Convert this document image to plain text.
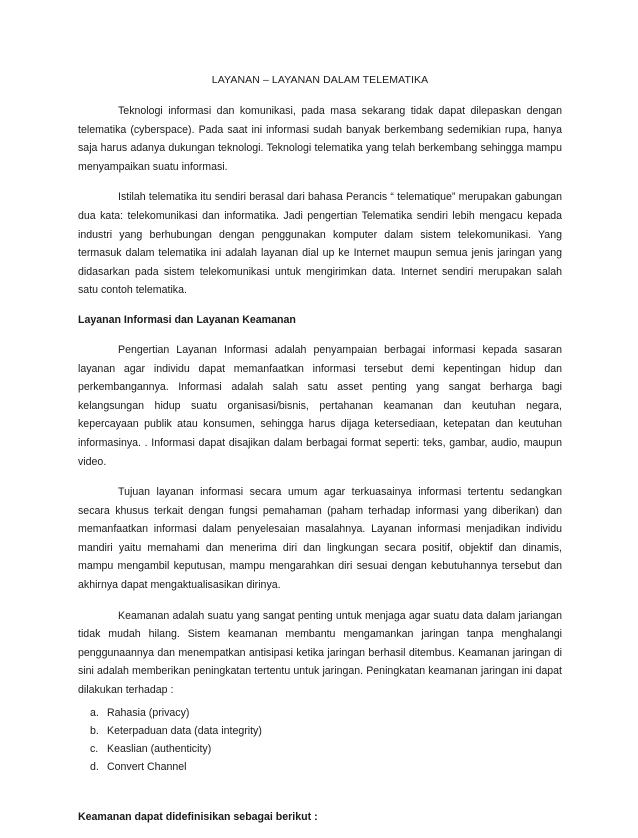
LAYANAN – LAYANAN DALAM TELEMATIKA

Teknologi informasi dan komunikasi, pada masa sekarang tidak dapat dilepaskan dengan telematika (cyberspace). Pada saat ini informasi sudah banyak berkembang sedemikian rupa, hanya saja harus adanya dukungan teknologi. Teknologi telematika yang telah berkembang sehingga mampu menyampaikan suatu informasi.

Istilah telematika itu sendiri berasal dari bahasa Perancis “ telematique” merupakan gabungan dua kata: telekomunikasi dan informatika. Jadi pengertian Telematika sendiri lebih mengacu kepada industri yang berhubungan dengan penggunakan komputer dalam sistem telekomunikasi. Yang termasuk dalam telematika ini adalah layanan dial up ke Internet maupun semua jenis jaringan yang didasarkan pada sistem telekomunikasi untuk mengirimkan data. Internet sendiri merupakan salah satu contoh telematika.

Layanan Informasi dan Layanan Keamanan

Pengertian Layanan Informasi adalah penyampaian berbagai informasi kepada sasaran layanan agar individu dapat memanfaatkan informasi tersebut demi kepentingan hidup dan perkembangannya. Informasi adalah salah satu asset penting yang sangat berharga bagi kelangsungan hidup suatu organisasi/bisnis, pertahanan keamanan dan keutuhan negara, kepercayaan publik atau konsumen, sehingga harus dijaga ketersediaan, ketepatan dan keutuhan informasinya. . Informasi dapat disajikan dalam berbagai format seperti: teks, gambar, audio, maupun video.

Tujuan layanan informasi secara umum agar terkuasainya informasi tertentu sedangkan secara khusus terkait dengan fungsi pemahaman (paham terhadap informasi yang diberikan) dan memanfaatkan informasi dalam penyelesaian masalahnya. Layanan informasi menjadikan individu mandiri yaitu memahami dan menerima diri dan lingkungan secara positif, objektif dan dinamis, mampu mengambil keputusan, mampu mengarahkan diri sesuai dengan kebutuhannya tersebut dan akhirnya dapat mengaktualisasikan dirinya.

Keamanan adalah suatu yang sangat penting untuk menjaga agar suatu data dalam jariangan tidak mudah hilang. Sistem keamanan membantu mengamankan jaringan tanpa menghalangi penggunaannya dan menempatkan antisipasi ketika jaringan berhasil ditembus. Keamanan jaringan di sini adalah memberikan peningkatan tertentu untuk jaringan. Peningkatan keamanan jaringan ini dapat dilakukan terhadap :

a. Rahasia (privacy)
b. Keterpaduan data (data integrity)
c. Keaslian (authenticity)
d. Convert Channel
Keamanan dapat didefinisikan sebagai berikut :
